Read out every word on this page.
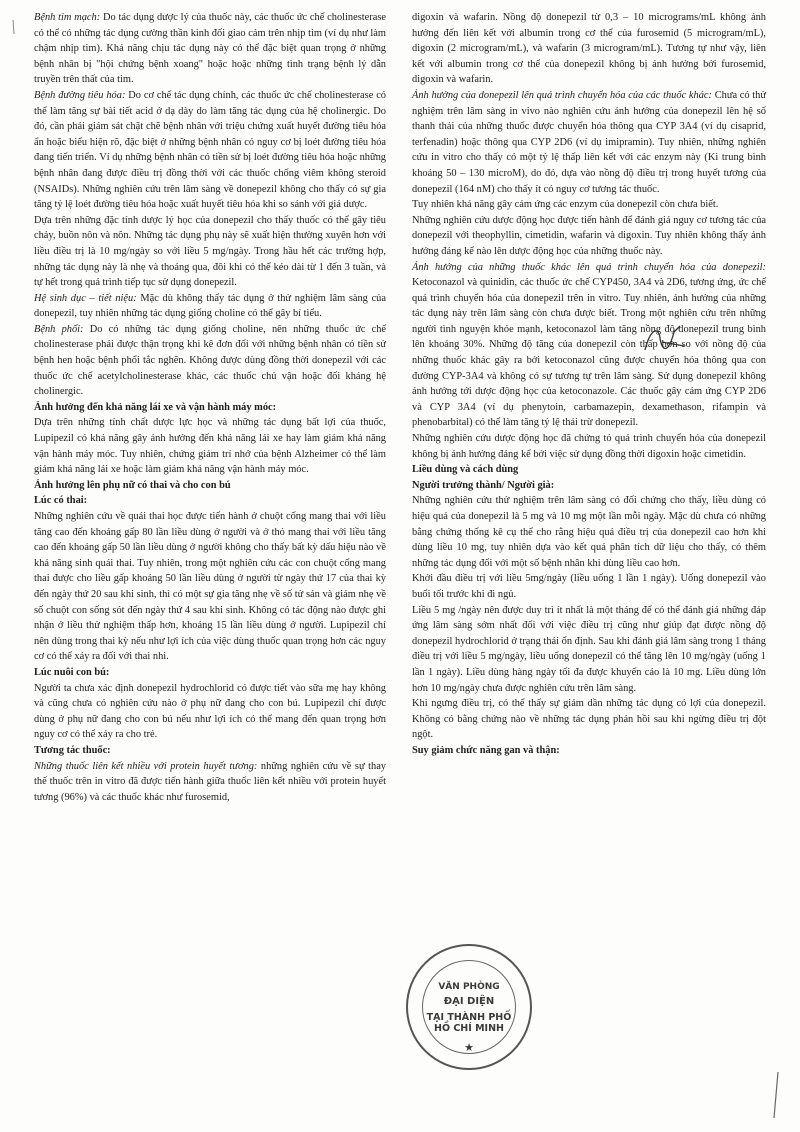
Bệnh tim mạch: Do tác dụng dược lý của thuốc này, các thuốc ức chế cholinesterase có thể có những tác dụng cường thần kinh đối giao cảm trên nhịp tim (ví dụ như làm chậm nhịp tim). Khả năng chịu tác dụng này có thể đặc biệt quan trọng ở những bệnh nhân bị "hội chứng bệnh xoang" hoặc hoặc những tình trạng bệnh lý dẫn truyền trên thất của tim.

Bệnh đường tiêu hóa: Do cơ chế tác dụng chính, các thuốc ức chế cholinesterase có thể làm tăng sự bài tiết acid ở dạ dày do làm tăng tác dụng của hệ cholinergic. Do đó, cần phải giám sát chặt chẽ bệnh nhân với triệu chứng xuất huyết đường tiêu hóa ẩn hoặc biểu hiện rõ, đặc biệt ở những bệnh nhân có nguy cơ bị loét đường tiêu hóa đang tiến triển. Ví dụ những bệnh nhân có tiền sử bị loét đường tiêu hóa hoặc những bệnh nhân đang được điều trị đồng thời với các thuốc chống viêm không steroid (NSAIDs). Những nghiên cứu trên lâm sàng về donepezil không cho thấy có sự gia tăng tỷ lệ loét đường tiêu hóa hoặc xuất huyết tiêu hóa khi so sánh với giả dược.

Dựa trên những đặc tính dược lý học của donepezil cho thấy thuốc có thể gây tiêu chảy, buồn nôn và nôn. Những tác dụng phụ này sẽ xuất hiện thường xuyên hơn với liều điều trị là 10 mg/ngày so với liều 5 mg/ngày. Trong hầu hết các trường hợp, những tác dụng này là nhẹ và thoáng qua, đôi khi có thể kéo dài từ 1 đến 3 tuần, và tự hết trong quá trình tiếp tục sử dụng donepezil.

Hệ sinh dục – tiết niệu: Mặc dù không thấy tác dụng ở thử nghiệm lâm sàng của donepezil, tuy nhiên những tác dụng giống choline có thể gây bí tiểu.

Bệnh phổi: Do có những tác dụng giống choline, nên những thuốc ức chế cholinesterase phải được thận trọng khi kê đơn đối với những bệnh nhân có tiền sử bệnh hen hoặc bệnh phổi tắc nghẽn. Không được dùng đồng thời donepezil với các thuốc ức chế acetylcholinesterase khác, các thuốc chủ vận hoặc đối kháng hệ cholinergic.

Ảnh hưởng đến khả năng lái xe và vận hành máy móc:

Dựa trên những tính chất dược lực học và những tác dụng bất lợi của thuốc, Lupipezil có khả năng gây ảnh hưởng đến khả năng lái xe hay làm giảm khả năng vận hành máy móc. Tuy nhiên, chứng giảm trí nhớ của bệnh Alzheimer có thể làm giảm khả năng lái xe hoặc làm giảm khả năng vận hành máy móc.

Ảnh hưởng lên phụ nữ có thai và cho con bú

Lúc có thai:

Những nghiên cứu về quái thai học được tiến hành ở chuột cống mang thai với liều tăng cao đến khoảng gấp 80 lần liều dùng ở người và ở thỏ mang thai với liều tăng cao đến khoảng gấp 50 lần liều dùng ở người không cho thấy bất kỳ dấu hiệu nào về khả năng sinh quái thai. Tuy nhiên, trong một nghiên cứu các con chuột cống mang thai được cho liều gấp khoảng 50 lần liều dùng ở người từ ngày thứ 17 của thai kỳ đến ngày thứ 20 sau khi sinh, thì có một sự gia tăng nhẹ về số tử sản và giảm nhẹ về số chuột con sống sót đến ngày thứ 4 sau khi sinh. Không có tác động nào được ghi nhận ở liều thử nghiệm thấp hơn, khoảng 15 lần liều dùng ở người. Lupipezil chỉ nên dùng trong thai kỳ nếu như lợi ích của việc dùng thuốc quan trọng hơn các nguy cơ có thể xảy ra đối với thai nhi.

Lúc nuôi con bú:

Người ta chưa xác định donepezil hydrochlorid có được tiết vào sữa mẹ hay không và cũng chưa có nghiên cứu nào ở phụ nữ đang cho con bú. Lupipezil chỉ được dùng ở phụ nữ đang cho con bú nếu như lợi ích có thể mang đến quan trọng hơn nguy cơ có thể xảy ra cho trẻ.

Tương tác thuốc:

Những thuốc liên kết nhiều với protein huyết tương: những nghiên cứu về sự thay thế thuốc trên in vitro đã được tiến hành giữa thuốc liên kết nhiều với protein huyết tương (96%) và các thuốc khác như furosemid,

digoxin và wafarin. Nồng độ donepezil từ 0,3 – 10 micrograms/mL không ảnh hưởng đến liên kết với albumin trong cơ thể của furosemid (5 microgram/mL), digoxin (2 microgram/mL), và wafarin (3 microgram/mL). Tương tự như vậy, liên kết với albumin trong cơ thể của donepezil không bị ảnh hưởng bởi furosemid, digoxin và wafarin.

Ảnh hưởng của donepezil lên quá trình chuyển hóa của các thuốc khác: Chưa có thử nghiệm trên lâm sàng in vivo nào nghiên cứu ảnh hưởng của donepezil lên hệ số thanh thải của những thuốc được chuyển hóa thông qua CYP 3A4 (ví dụ cisaprid, terfenadin) hoặc thông qua CYP 2D6 (ví dụ imipramin). Tuy nhiên, những nghiên cứu in vitro cho thấy có một tỷ lệ thấp liên kết với các enzym này (Ki trung bình khoảng 50 – 130 microM), do đó, dựa vào nồng độ điều trị trong huyết tương của donepezil (164 nM) cho thấy ít có nguy cơ tương tác thuốc.

Tuy nhiên khả năng gây cảm ứng các enzym của donepezil còn chưa biết.

Những nghiên cứu dược động học được tiến hành để đánh giá nguy cơ tương tác của donepezil với theophyllin, cimetidin, wafarin và digoxin. Tuy nhiên không thấy ảnh hưởng đáng kể nào lên dược động học của những thuốc này.

Ảnh hưởng của những thuốc khác lên quá trình chuyển hóa của donepezil: Ketoconazol và quinidin, các thuốc ức chế CYP450, 3A4 và 2D6, tương ứng, ức chế quá trình chuyển hóa của donepezil trên in vitro. Tuy nhiên, ảnh hưởng của những tác dụng này trên lâm sàng còn chưa được biết. Trong một nghiên cứu trên những người tình nguyện khỏe mạnh, ketoconazol làm tăng nồng độ donepezil trung bình lên khoảng 30%. Những độ tăng của donepezil còn thấp hơn so với nồng độ của những thuốc khác gây ra bởi ketoconazol cũng được chuyển hóa thông qua con đường CYP-3A4 và không có sự tương tự trên lâm sàng. Sử dụng donepezil không ảnh hưởng tới dược động học của ketoconazole. Các thuốc gây cảm ứng CYP 2D6 và CYP 3A4 (ví dụ phenytoin, carbamazepin, dexamethason, rifampin và phenobarbital) có thể làm tăng tỷ lệ thải trừ donepezil.

Những nghiên cứu dược động học đã chứng tỏ quá trình chuyển hóa của donepezil không bị ảnh hưởng đáng kể bởi việc sử dụng đồng thời digoxin hoặc cimetidin.

Liều dùng và cách dùng

Người trưởng thành/ Người già:

Những nghiên cứu thử nghiệm trên lâm sàng có đối chứng cho thấy, liều dùng có hiệu quả của donepezil là 5 mg và 10 mg một lần mỗi ngày. Mặc dù chưa có những bằng chứng thống kê cụ thể cho rằng hiệu quả điều trị của donepezil cao hơn khi dùng liều 10 mg, tuy nhiên dựa vào kết quả phân tích dữ liệu cho thấy, có thêm những tác dụng đối với một số bệnh nhân khi dùng liều cao hơn.

Khởi đầu điều trị với liều 5mg/ngày (liều uống 1 lần 1 ngày). Uống donepezil vào buổi tối trước khi đi ngủ.

Liều 5 mg /ngày nên được duy trì ít nhất là một tháng để có thể đánh giá những đáp ứng lâm sàng sớm nhất đối với việc điều trị cũng như giúp đạt được nồng độ donepezil hydrochlorid ở trạng thái ổn định. Sau khi đánh giá lâm sàng trong 1 tháng điều trị với liều 5 mg/ngày, liều uống donepezil có thể tăng lên 10 mg/ngày (uống 1 lần 1 ngày). Liều dùng hàng ngày tối đa được khuyến cáo là 10 mg. Liều dùng lớn hơn 10 mg/ngày chưa được nghiên cứu trên lâm sàng.

Khi ngưng điều trị, có thể thấy sự giảm dần những tác dụng có lợi của donepezil. Không có bằng chứng nào về những tác dụng phản hồi sau khi ngừng điều trị đột ngột.

Suy giảm chức năng gan và thận:

VĂN PHÒNG
ĐẠI DIỆN
TẠI THÀNH PHỐ
HỒ CHÍ MINH
★
